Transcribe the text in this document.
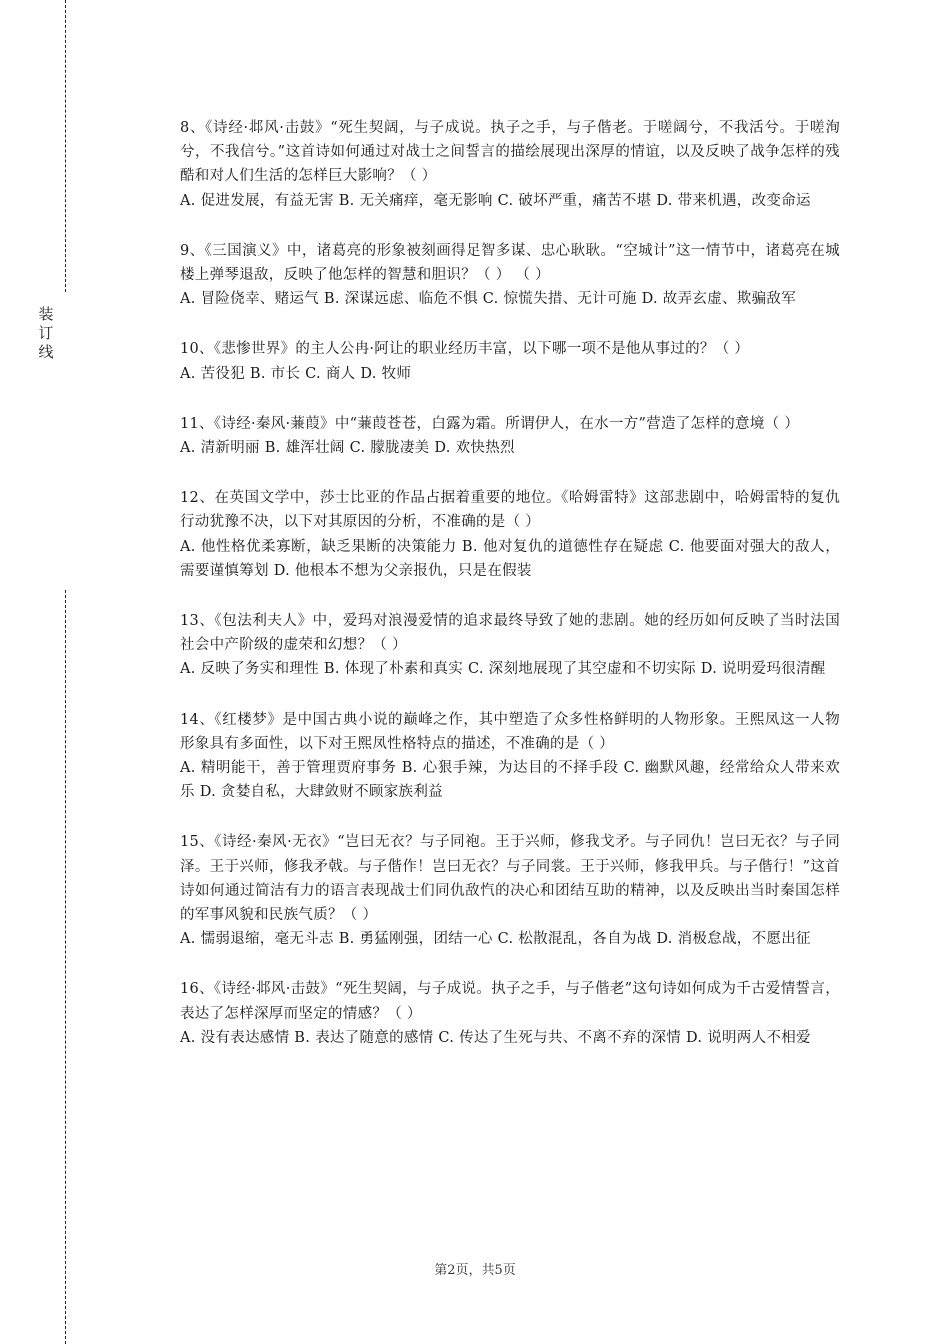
装
订
线
8、《诗经·邶风·击鼓》“死生契阔，与子成说。执子之手，与子偕老。于嗟阔兮，不我活兮。于嗟洵兮，不我信兮。”这首诗如何通过对战士之间誓言的描绘展现出深厚的情谊，以及反映了战争怎样的残酷和对人们生活的怎样巨大影响？（ ）
A. 促进发展，有益无害 B. 无关痛痒，毫无影响 C. 破坏严重，痛苦不堪 D. 带来机遇，改变命运
9、《三国演义》中，诸葛亮的形象被刻画得足智多谋、忠心耿耿。“空城计”这一情节中，诸葛亮在城楼上弹琴退敌，反映了他怎样的智慧和胆识？（ ） （ ）
A. 冒险侥幸、赌运气 B. 深谋远虑、临危不惧 C. 惊慌失措、无计可施 D. 故弄玄虚、欺骗敌军
10、《悲惨世界》的主人公冉·阿让的职业经历丰富，以下哪一项不是他从事过的？（ ）
A. 苦役犯 B. 市长 C. 商人 D. 牧师
11、《诗经·秦风·蒹葭》中“蒹葭苍苍，白露为霜。所谓伊人，在水一方”营造了怎样的意境（ ）
A. 清新明丽 B. 雄浑壮阔 C. 朦胧凄美 D. 欢快热烈
12、在英国文学中，莎士比亚的作品占据着重要的地位。《哈姆雷特》这部悲剧中，哈姆雷特的复仇行动犹豫不决，以下对其原因的分析，不准确的是（ ）
A. 他性格优柔寡断，缺乏果断的决策能力 B. 他对复仇的道德性存在疑虑 C. 他要面对强大的敌人，需要谨慎筹划 D. 他根本不想为父亲报仇，只是在假装
13、《包法利夫人》中，爱玛对浪漫爱情的追求最终导致了她的悲剧。她的经历如何反映了当时法国社会中产阶级的虚荣和幻想？（ ）
A. 反映了务实和理性 B. 体现了朴素和真实 C. 深刻地展现了其空虚和不切实际 D. 说明爱玛很清醒
14、《红楼梦》是中国古典小说的巅峰之作，其中塑造了众多性格鲜明的人物形象。王熙凤这一人物形象具有多面性，以下对王熙凤性格特点的描述，不准确的是（ ）
A. 精明能干，善于管理贾府事务 B. 心狠手辣，为达目的不择手段 C. 幽默风趣，经常给众人带来欢乐 D. 贪婪自私，大肆敛财不顾家族利益
15、《诗经·秦风·无衣》“岂曰无衣？与子同袍。王于兴师，修我戈矛。与子同仇！岂曰无衣？与子同泽。王于兴师，修我矛戟。与子偕作！岂曰无衣？与子同裳。王于兴师，修我甲兵。与子偕行！”这首诗如何通过简洁有力的语言表现战士们同仇敌忾的决心和团结互助的精神，以及反映出当时秦国怎样的军事风貌和民族气质？（ ）
A. 懦弱退缩，毫无斗志 B. 勇猛刚强，团结一心 C. 松散混乱，各自为战 D. 消极怠战，不愿出征
16、《诗经·邶风·击鼓》“死生契阔，与子成说。执子之手，与子偕老”这句诗如何成为千古爱情誓言，表达了怎样深厚而坚定的情感？（ ）
A. 没有表达感情 B. 表达了随意的感情 C. 传达了生死与共、不离不弃的深情 D. 说明两人不相爱
第2页，共5页
